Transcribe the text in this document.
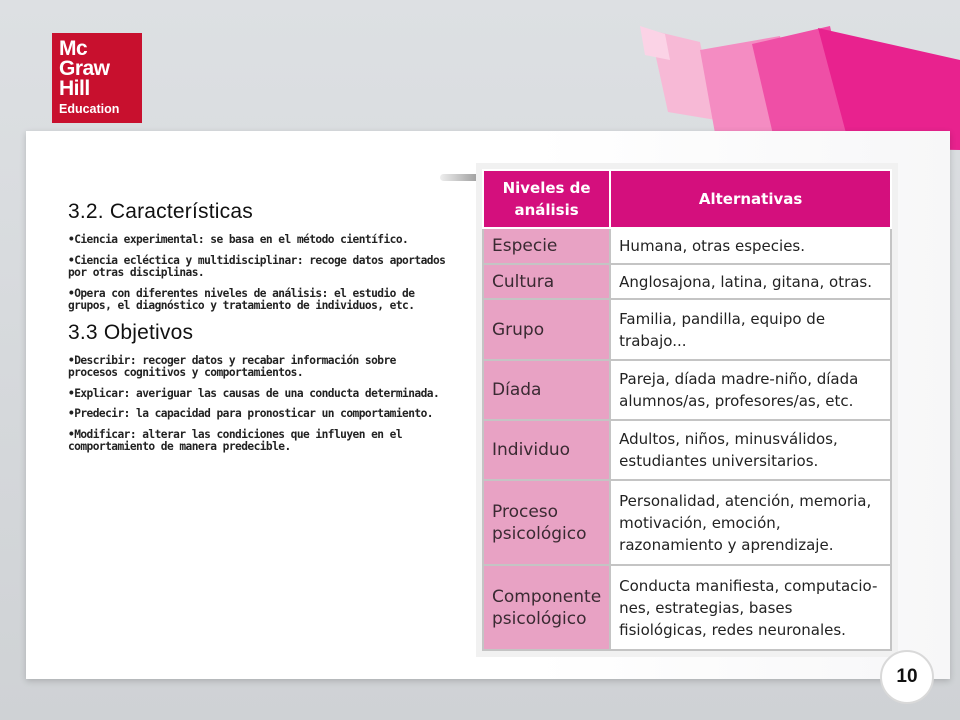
Mc
Graw
Hill
Education
3.2. Características

• Ciencia experimental: se basa en el método científico.

• Ciencia ecléctica y multidisciplinar: recoge datos aportados por otras disciplinas.

• Opera con diferentes niveles de análisis: el estudio de grupos, el diagnóstico y tratamiento de individuos, etc.

3.3 Objetivos

• Describir: recoger datos y recabar información sobre procesos cognitivos y comportamientos.

• Explicar: averiguar las causas de una conducta determinada.

• Predecir: la capacidad para pronosticar un comportamiento.

• Modificar: alterar las condiciones que influyen en el comportamiento de manera predecible.

Niveles de análisis	Alternativas
Especie	Humana, otras especies.
Cultura	Anglosajona, latina, gitana, otras.
Grupo	Familia, pandilla, equipo de trabajo...
Díada	Pareja, díada madre-niño, díada alumnos/as, profesores/as, etc.
Individuo	Adultos, niños, minusválidos, estudiantes universitarios.
Proceso psicológico	Personalidad, atención, memoria, motivación, emoción, razonamiento y aprendizaje.
Componente psicológico	Conducta manifiesta, computacio-nes, estrategias, bases fisiológicas, redes neuronales.
10
